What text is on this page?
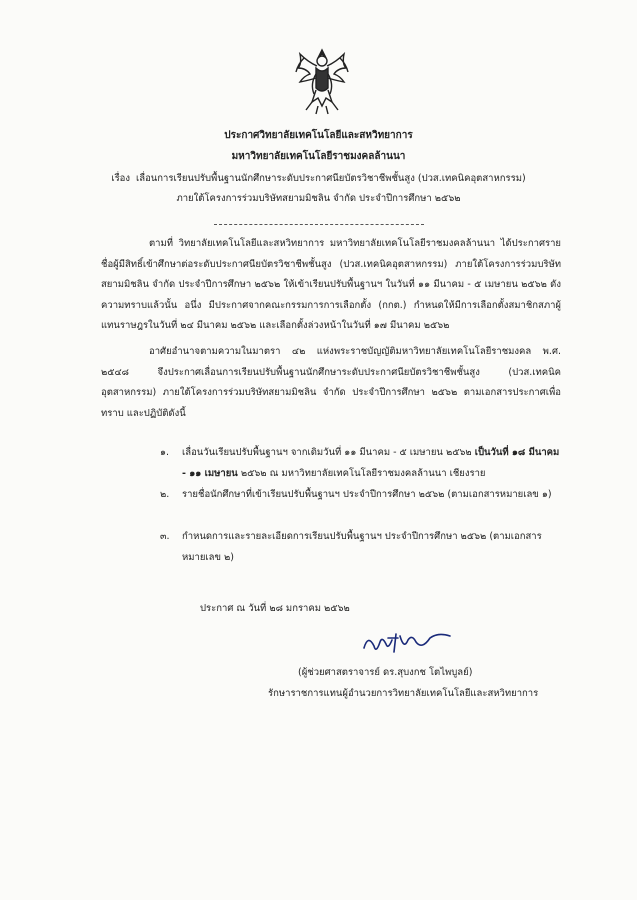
ประกาศวิทยาลัยเทคโนโลยีและสหวิทยาการ
มหาวิทยาลัยเทคโนโลยีราชมงคลล้านนา
เรื่อง เลื่อนการเรียนปรับพื้นฐานนักศึกษาระดับประกาศนียบัตรวิชาชีพชั้นสูง (ปวส.เทคนิคอุตสาหกรรม)
ภายใต้โครงการร่วมบริษัทสยามมิชลิน จำกัด ประจำปีการศึกษา ๒๕๖๒
ตามที่ วิทยาลัยเทคโนโลยีและสหวิทยาการ มหาวิทยาลัยเทคโนโลยีราชมงคลล้านนา ได้ประกาศรายชื่อผู้มีสิทธิ์เข้าศึกษาต่อระดับประกาศนียบัตรวิชาชีพชั้นสูง (ปวส.เทคนิคอุตสาหกรรม) ภายใต้โครงการร่วมบริษัทสยามมิชลิน จำกัด ประจำปีการศึกษา ๒๕๖๒ ให้เข้าเรียนปรับพื้นฐานฯ ในวันที่ ๑๑ มีนาคม - ๕ เมษายน ๒๕๖๒ ดังความทราบแล้วนั้น อนึ่ง มีประกาศจากคณะกรรมการการเลือกตั้ง (กกต.) กำหนดให้มีการเลือกตั้งสมาชิกสภาผู้แทนราษฎรในวันที่ ๒๔ มีนาคม ๒๕๖๒ และเลือกตั้งล่วงหน้าในวันที่ ๑๗ มีนาคม ๒๕๖๒
อาศัยอำนาจตามความในมาตรา ๔๒ แห่งพระราชบัญญัติมหาวิทยาลัยเทคโนโลยีราชมงคล พ.ศ. ๒๕๔๘ จึงประกาศเลื่อนการเรียนปรับพื้นฐานนักศึกษาระดับประกาศนียบัตรวิชาชีพชั้นสูง (ปวส.เทคนิคอุตสาหกรรม) ภายใต้โครงการร่วมบริษัทสยามมิชลิน จำกัด ประจำปีการศึกษา ๒๕๖๒ ตามเอกสารประกาศเพื่อทราบ และปฏิบัติดังนี้
๑.	เลื่อนวันเรียนปรับพื้นฐานฯ จากเดิมวันที่ ๑๑ มีนาคม - ๕ เมษายน ๒๕๖๒ เป็นวันที่ ๑๘ มีนาคม - ๑๑ เมษายน ๒๕๖๒ ณ มหาวิทยาลัยเทคโนโลยีราชมงคลล้านนา เชียงราย
๒.	รายชื่อนักศึกษาที่เข้าเรียนปรับพื้นฐานฯ ประจำปีการศึกษา ๒๕๖๒ (ตามเอกสารหมายเลข ๑)
๓.	กำหนดการและรายละเอียดการเรียนปรับพื้นฐานฯ ประจำปีการศึกษา ๒๕๖๒ (ตามเอกสารหมายเลข ๒)
ประกาศ ณ วันที่ ๒๘ มกราคม ๒๕๖๒
(ผู้ช่วยศาสตราจารย์ ดร.สุบงกช โตไพบูลย์)
รักษาราชการแทนผู้อำนวยการวิทยาลัยเทคโนโลยีและสหวิทยาการ
